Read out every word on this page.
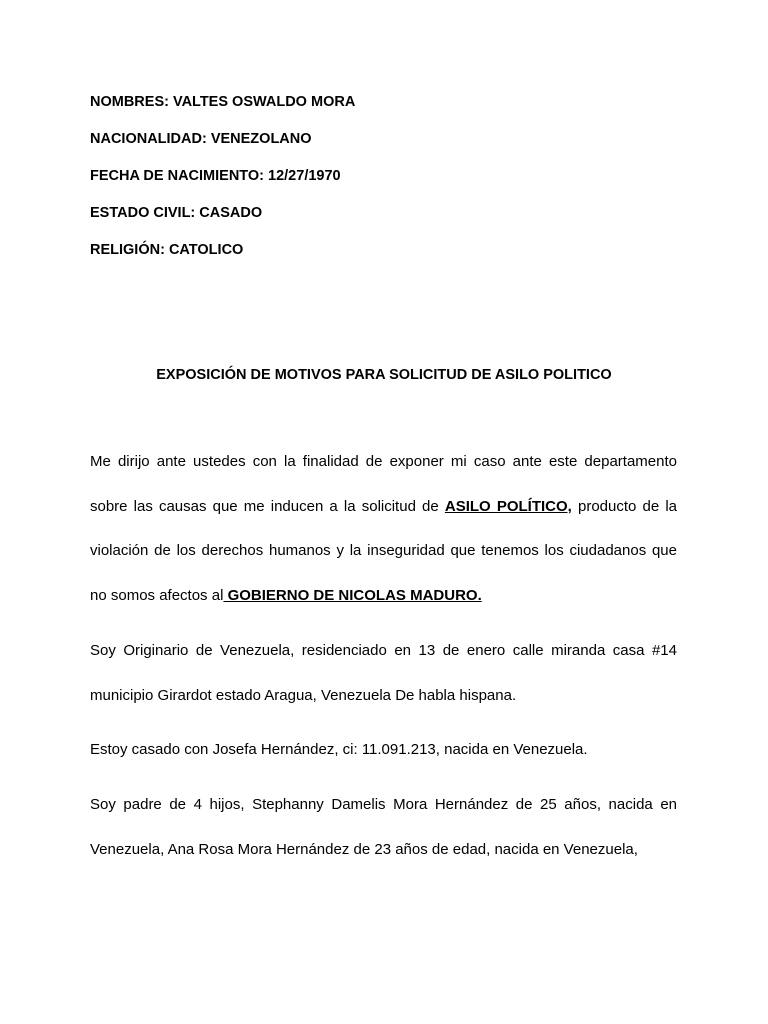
NOMBRES: VALTES OSWALDO MORA
NACIONALIDAD: VENEZOLANO
FECHA DE NACIMIENTO: 12/27/1970
ESTADO CIVIL: CASADO
RELIGIÓN: CATOLICO
EXPOSICIÓN DE MOTIVOS PARA SOLICITUD DE ASILO POLITICO

Me dirijo ante ustedes con la finalidad de exponer mi caso ante este departamento sobre las causas que me inducen a la solicitud de ASILO POLÍTICO, producto de la violación de los derechos humanos y la inseguridad que tenemos los ciudadanos que no somos afectos al GOBIERNO DE NICOLAS MADURO.

Soy Originario de Venezuela, residenciado en 13 de enero calle miranda casa #14 municipio Girardot estado Aragua, Venezuela De habla hispana.

Estoy casado con Josefa Hernández, ci: 11.091.213, nacida en Venezuela.

Soy padre de 4 hijos, Stephanny Damelis Mora Hernández de 25 años, nacida en Venezuela, Ana Rosa Mora Hernández de 23 años de edad, nacida en Venezuela,
